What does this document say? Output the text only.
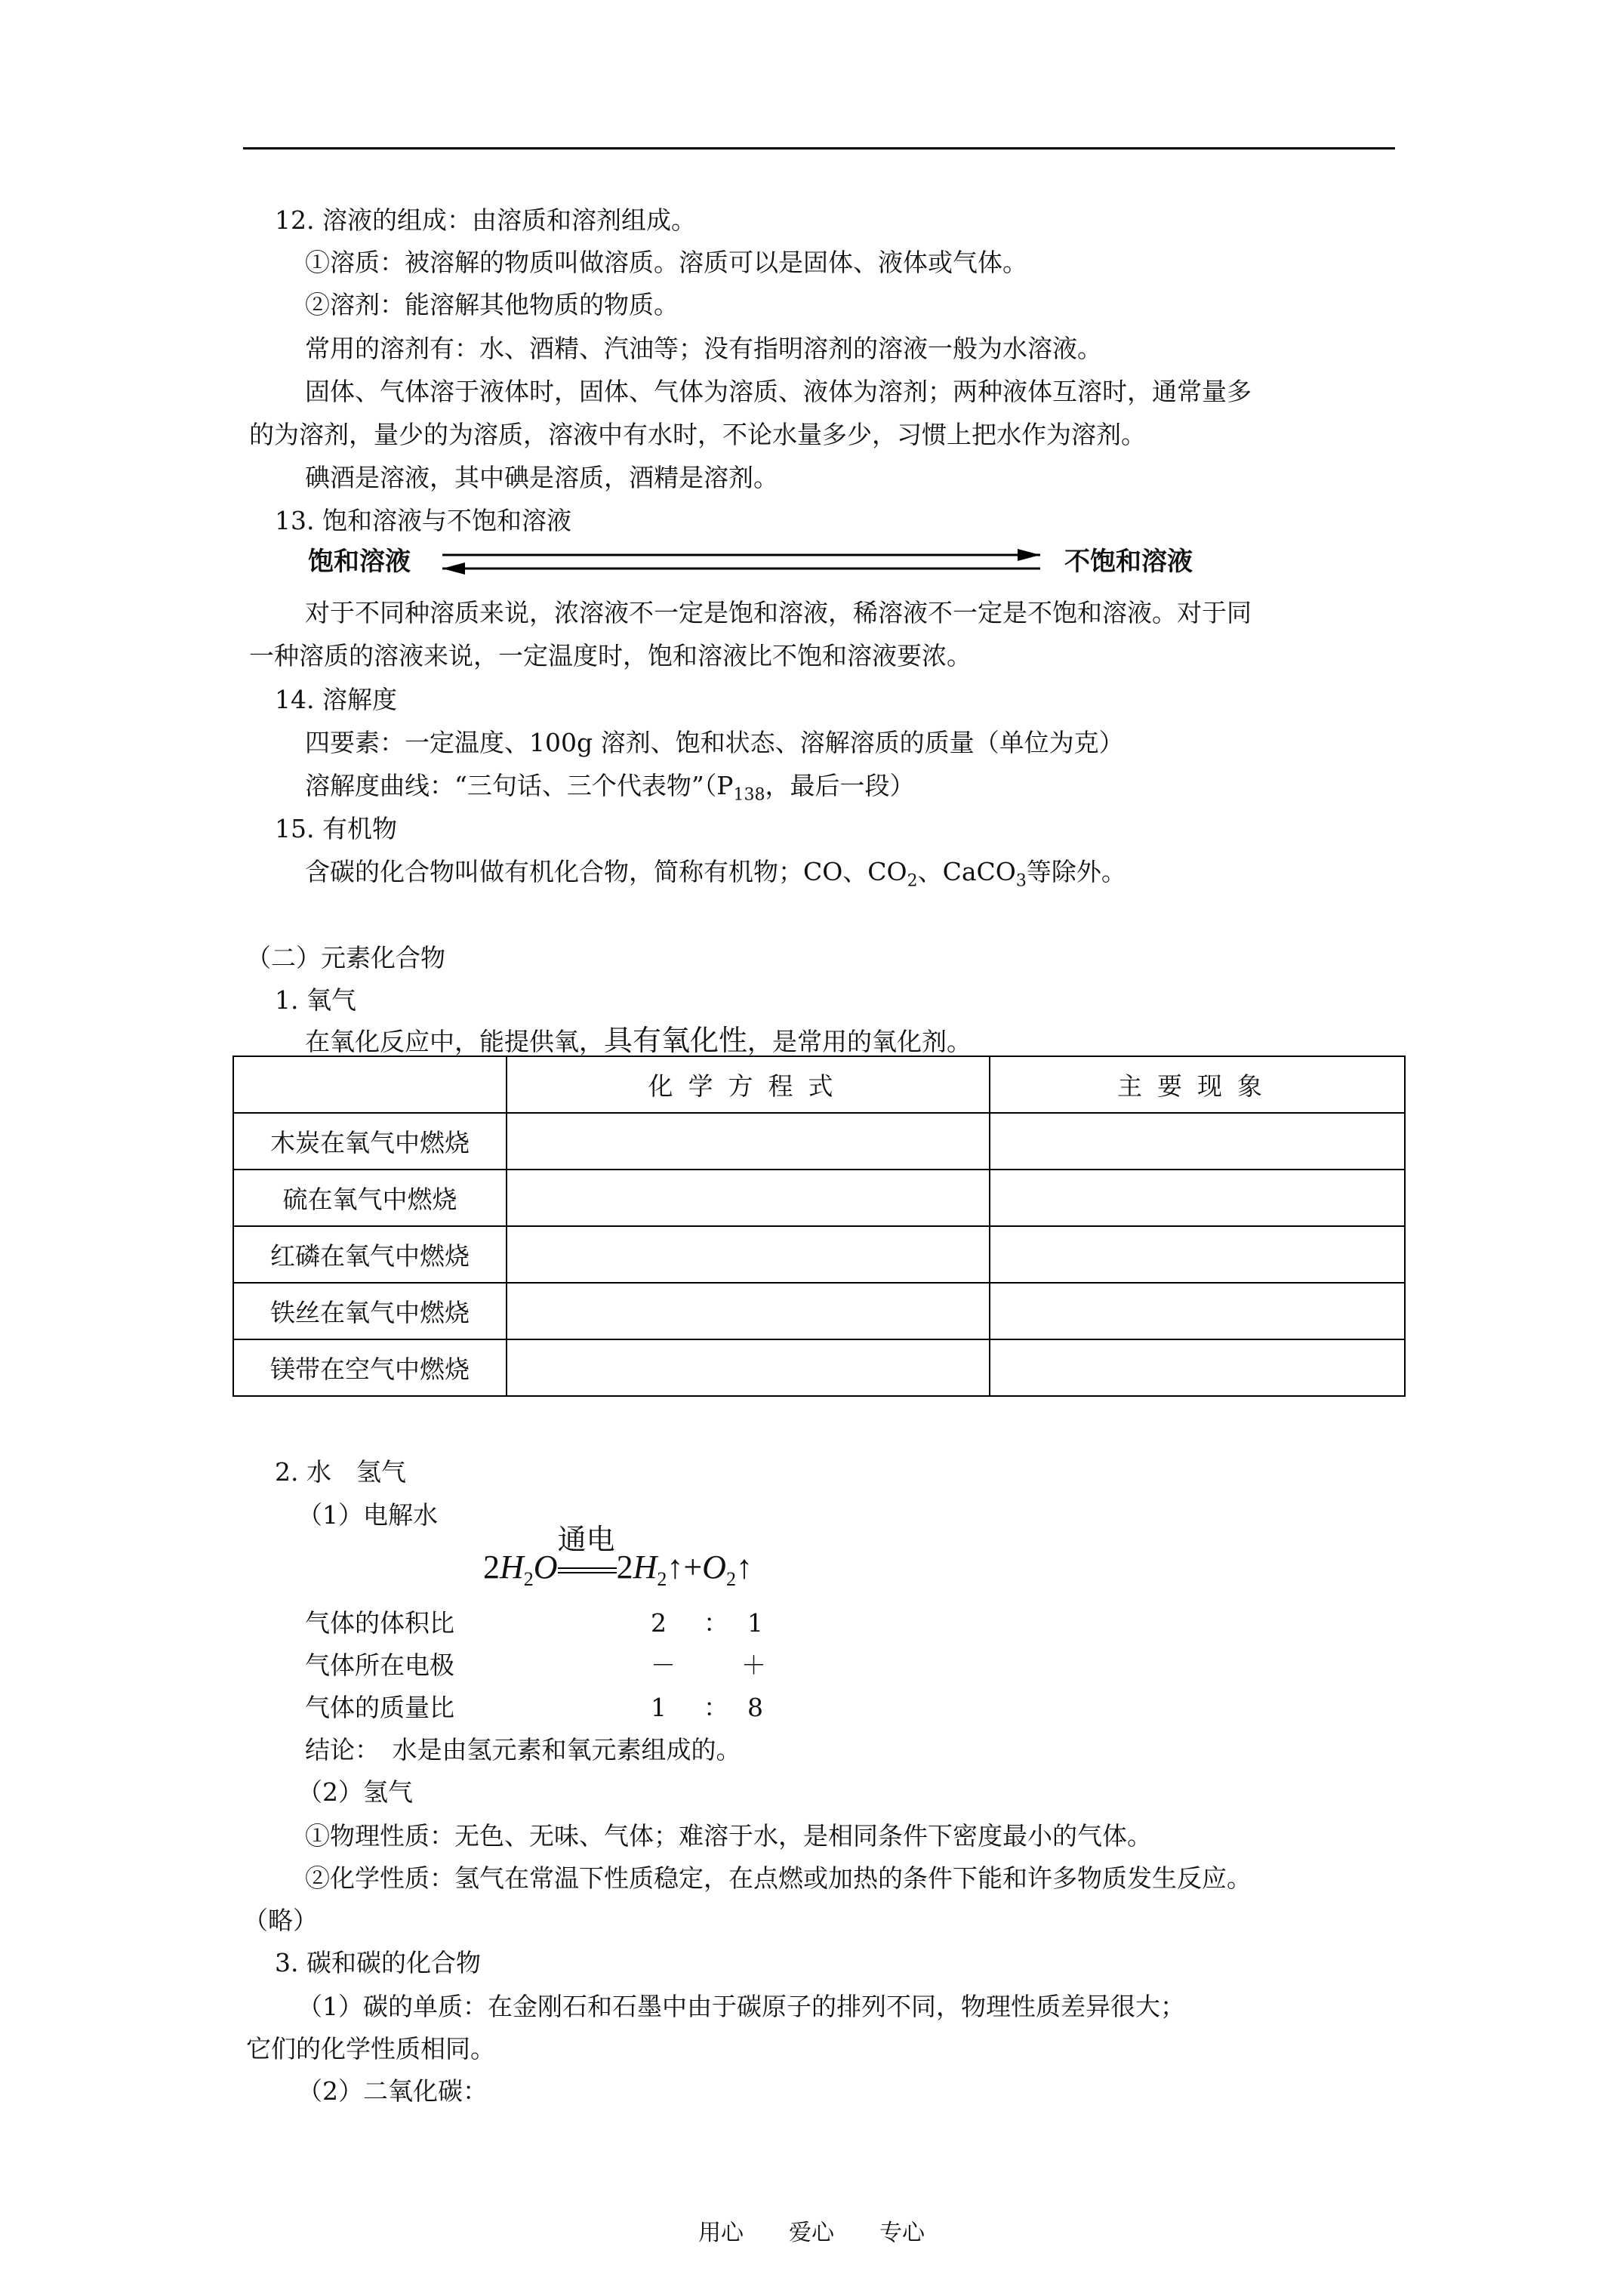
12. 溶液的组成：由溶质和溶剂组成。
①溶质：被溶解的物质叫做溶质。溶质可以是固体、液体或气体。
②溶剂：能溶解其他物质的物质。
常用的溶剂有：水、酒精、汽油等；没有指明溶剂的溶液一般为水溶液。
固体、气体溶于液体时，固体、气体为溶质、液体为溶剂；两种液体互溶时，通常量多
的为溶剂，量少的为溶质，溶液中有水时，不论水量多少，习惯上把水作为溶剂。
碘酒是溶液，其中碘是溶质，酒精是溶剂。
13. 饱和溶液与不饱和溶液
饱和溶液	不饱和溶液
对于不同种溶质来说，浓溶液不一定是饱和溶液，稀溶液不一定是不饱和溶液。对于同
一种溶质的溶液来说，一定温度时，饱和溶液比不饱和溶液要浓。
14. 溶解度
四要素：一定温度、100g 溶剂、饱和状态、溶解溶质的质量（单位为克）
溶解度曲线：“三句话、三个代表物$”(P_{138}$，最后一段）
15. 有机物
含碳的化合物叫做有机化合物，简称有机物；CO、$CO_2$、CaCO$_3$等除外。
（二）元素化合物
1. 氧气
在氧化反应中，能提供氧，具有氧化性，是常用的氧化剂。
	化学方程式	主要现象
木炭在氧气中燃烧		
硫在氧气中燃烧		
红磷在氧气中燃烧		
铁丝在氧气中燃烧		
镁带在空气中燃烧		
2. 水　氢气
（1）电解水
$2H_2O$
通电
$2H_2↑+O_2↑$
气体的体积比	2 ： 1
气体所在电极	－	＋
气体的质量比	1 ： 8
结论：　水是由氢元素和氧元素组成的。
（2）氢气
①物理性质：无色、无味、气体；难溶于水，是相同条件下密度最小的气体。
②化学性质：氢气在常温下性质稳定，在点燃或加热的条件下能和许多物质发生反应。
（略）
3. 碳和碳的化合物
（1）碳的单质：在金刚石和石墨中由于碳原子的排列不同，物理性质差异很大；
它们的化学性质相同。
（2）二氧化碳：
用心 爱心 专心
